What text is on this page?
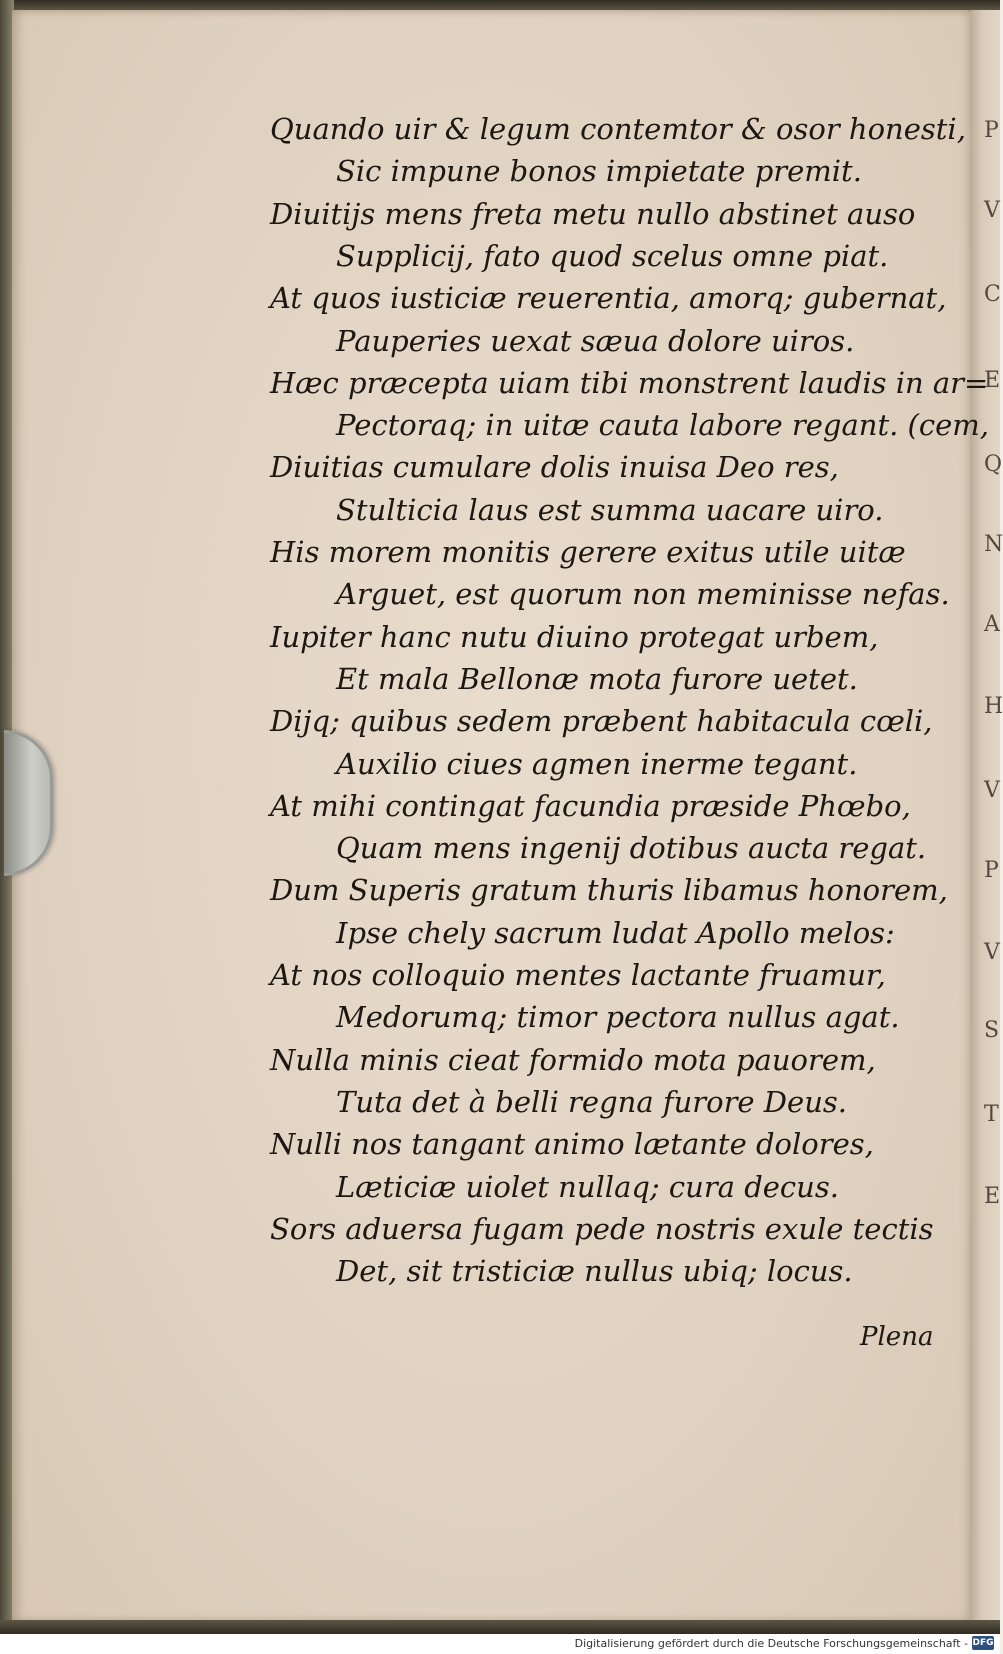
Quando uir & legum contemtor & osor honesti,

Sic impune bonos impietate premit.

Diuitijs mens freta metu nullo abstinet auso

Supplicij, fato quod scelus omne piat.

At quos iusticiæ reuerentia, amorq; gubernat,

Pauperies uexat sæua dolore uiros.

Hæc præcepta uiam tibi monstrent laudis in ar=

Pectoraq; in uitæ cauta labore regant. (cem,

Diuitias cumulare dolis inuisa Deo res,

Stulticia laus est summa uacare uiro.

His morem monitis gerere exitus utile uitæ

Arguet, est quorum non meminisse nefas.

Iupiter hanc nutu diuino protegat urbem,

Et mala Bellonæ mota furore uetet.

Dijq; quibus sedem præbent habitacula cœli,

Auxilio ciues agmen inerme tegant.

At mihi contingat facundia præside Phœbo,

Quam mens ingenij dotibus aucta regat.

Dum Superis gratum thuris libamus honorem,

Ipse chely sacrum ludat Apollo melos:

At nos colloquio mentes lactante fruamur,

Medorumq; timor pectora nullus agat.

Nulla minis cieat formido mota pauorem,

Tuta det à belli regna furore Deus.

Nulli nos tangant animo lætante dolores,

Læticiæ uiolet nullaq; cura decus.

Sors aduersa fugam pede nostris exule tectis

Det, sit tristiciæ nullus ubiq; locus.

Plena
P
V
C
E
Q
N
A
H
V
P
V
S
T
E
Digitalisierung gefördert durch die Deutsche Forschungsgemeinschaft - DFG
